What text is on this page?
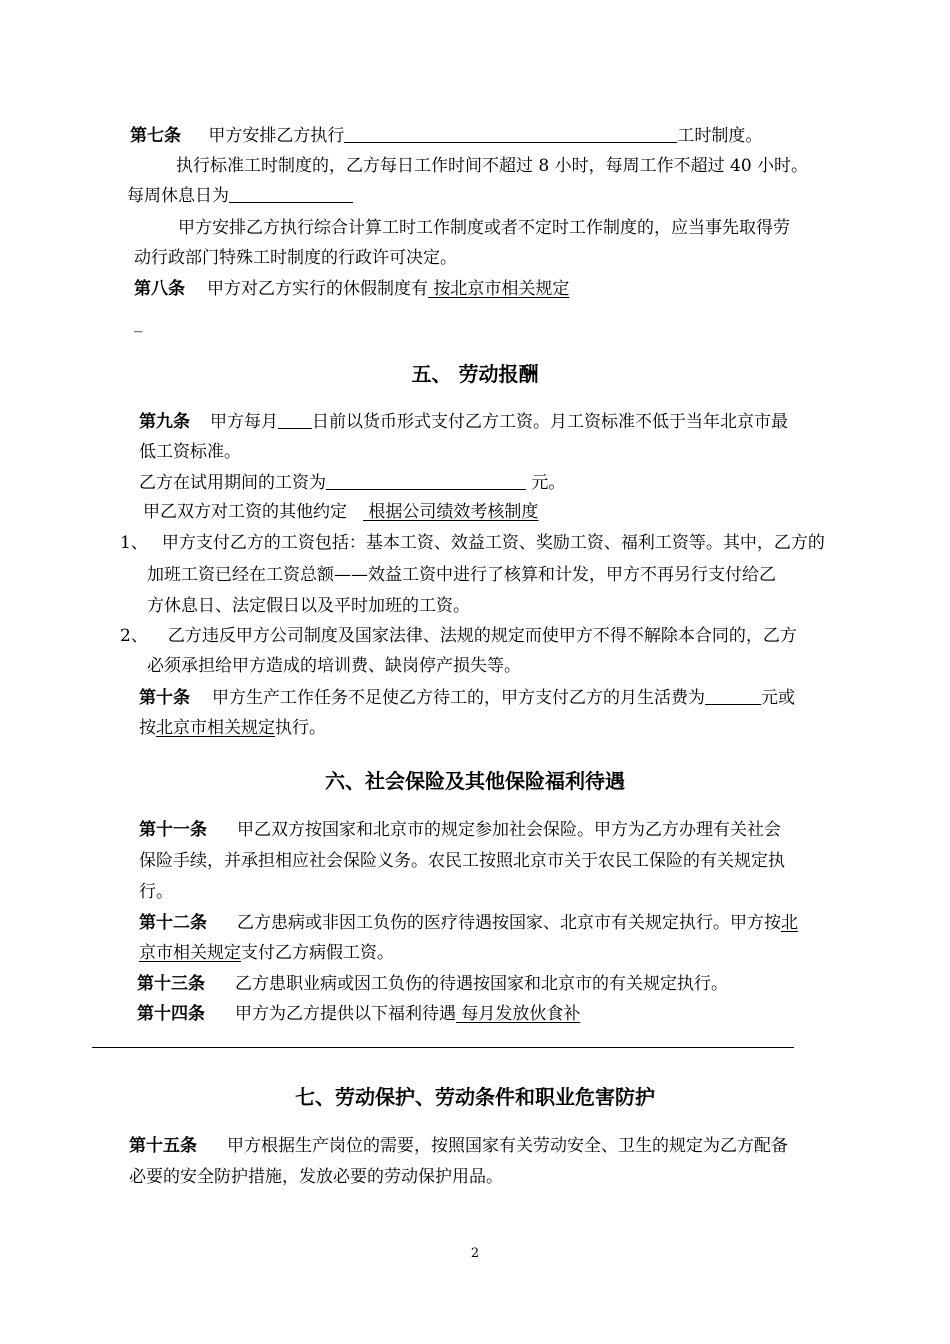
第七条 甲方安排乙方执行	工时制度。
执行标准工时制度的，乙方每日工作时间不超过 8 小时，每周工作不超过 40 小时。
每周休息日为
甲方安排乙方执行综合计算工时工作制度或者不定时工作制度的，应当事先取得劳
动行政部门特殊工时制度的行政许可决定。
第八条 甲方对乙方实行的休假制度有 按北京市相关规定
_
五、 劳动报酬
第九条 甲方每月 日前以货币形式支付乙方工资。月工资标准不低于当年北京市最
低工资标准。
乙方在试用期间的工资为	元。
甲乙双方对工资的其他约定 根据公司绩效考核制度
1、 甲方支付乙方的工资包括：基本工资、效益工资、奖励工资、福利工资等。其中，乙方的
加班工资已经在工资总额——效益工资中进行了核算和计发，甲方不再另行支付给乙
方休息日、法定假日以及平时加班的工资。
2、 乙方违反甲方公司制度及国家法律、法规的规定而使甲方不得不解除本合同的，乙方
必须承担给甲方造成的培训费、缺岗停产损失等。
第十条 甲方生产工作任务不足使乙方待工的，甲方支付乙方的月生活费为	元或
按北京市相关规定执行。
六、社会保险及其他保险福利待遇
第十一条 甲乙双方按国家和北京市的规定参加社会保险。甲方为乙方办理有关社会
保险手续，并承担相应社会保险义务。农民工按照北京市关于农民工保险的有关规定执
行。
第十二条 乙方患病或非因工负伤的医疗待遇按国家、北京市有关规定执行。甲方按北
京市相关规定支付乙方病假工资。
第十三条 乙方患职业病或因工负伤的待遇按国家和北京市的有关规定执行。
第十四条 甲方为乙方提供以下福利待遇 每月发放伙食补
七、劳动保护、劳动条件和职业危害防护
第十五条 甲方根据生产岗位的需要，按照国家有关劳动安全、卫生的规定为乙方配备
必要的安全防护措施，发放必要的劳动保护用品。
2
